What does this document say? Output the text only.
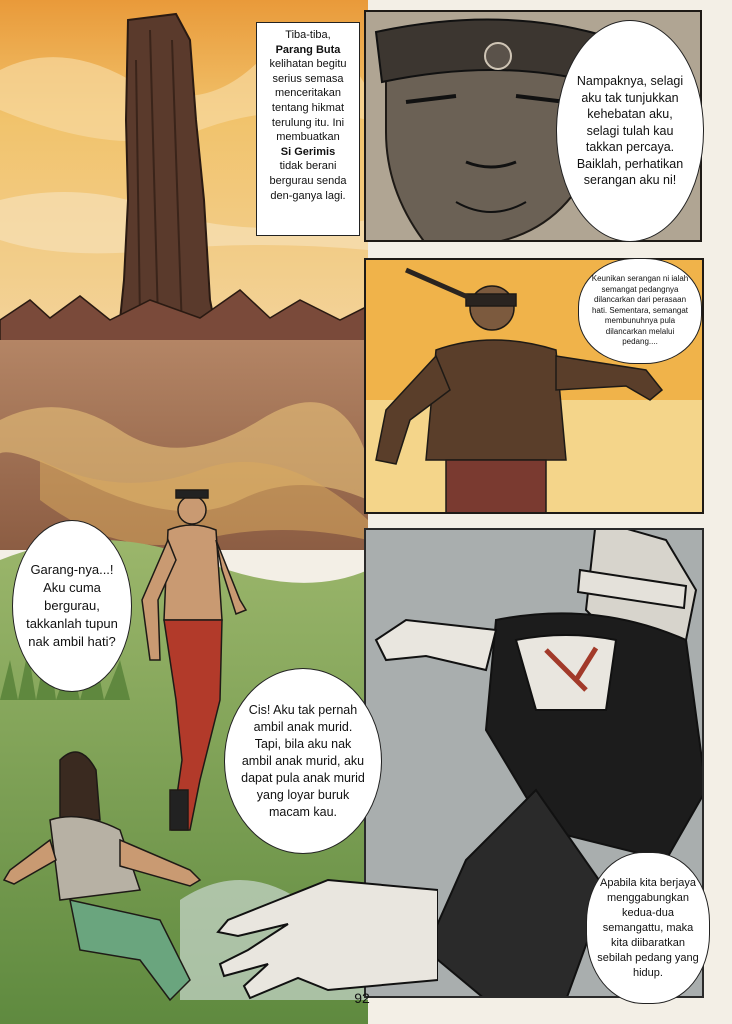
Tiba-tiba,
Parang Buta
kelihatan begitu serius semasa menceritakan tentang hikmat terulung itu. Ini membuatkan
Si Gerimis
tidak berani bergurau senda den-ganya lagi.
Nampaknya, selagi aku tak tunjukkan kehebatan aku, selagi tulah kau takkan percaya. Baiklah, perhatikan serangan aku ni!
Keunikan serangan ni ialah semangat pedangnya dilancarkan dari perasaan hati. Sementara, semangat membunuhnya pula dilancarkan melalui pedang....
Garang-nya...! Aku cuma bergurau, takkanlah tupun nak ambil hati?
Cis! Aku tak pernah ambil anak murid. Tapi, bila aku nak ambil anak murid, aku dapat pula anak murid yang loyar buruk macam kau.
Apabila kita berjaya menggabungkan kedua-dua semangattu, maka kita diibaratkan sebilah pedang yang hidup.
92
